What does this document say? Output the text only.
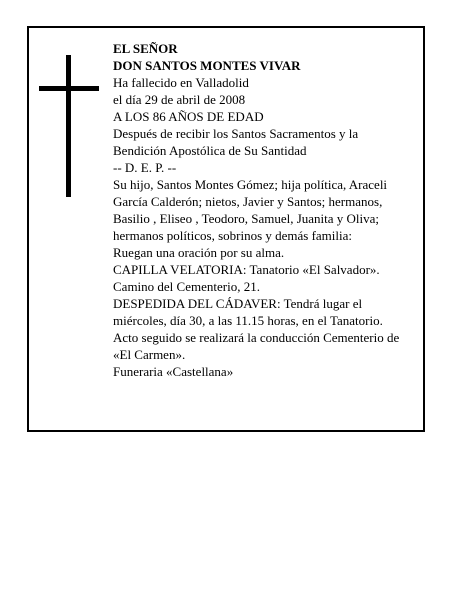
EL SEÑOR
DON SANTOS MONTES VIVAR
Ha fallecido en Valladolid
el día 29 de abril de 2008
A LOS 86 AÑOS DE EDAD
Después de recibir los Santos Sacramentos y la
Bendición Apostólica de Su Santidad
-- D. E. P. --
Su hijo, Santos Montes Gómez; hija política, Araceli
García Calderón; nietos, Javier y Santos; hermanos,
Basilio , Eliseo , Teodoro, Samuel, Juanita y Oliva;
hermanos políticos, sobrinos y demás familia:
Ruegan una oración por su alma.
CAPILLA VELATORIA: Tanatorio «El Salvador».
Camino del Cementerio, 21.
DESPEDIDA DEL CÁDAVER: Tendrá lugar el
miércoles, día 30, a las 11.15 horas, en el Tanatorio.
Acto seguido se realizará la conducción Cementerio de
«El Carmen».
Funeraria «Castellana»
